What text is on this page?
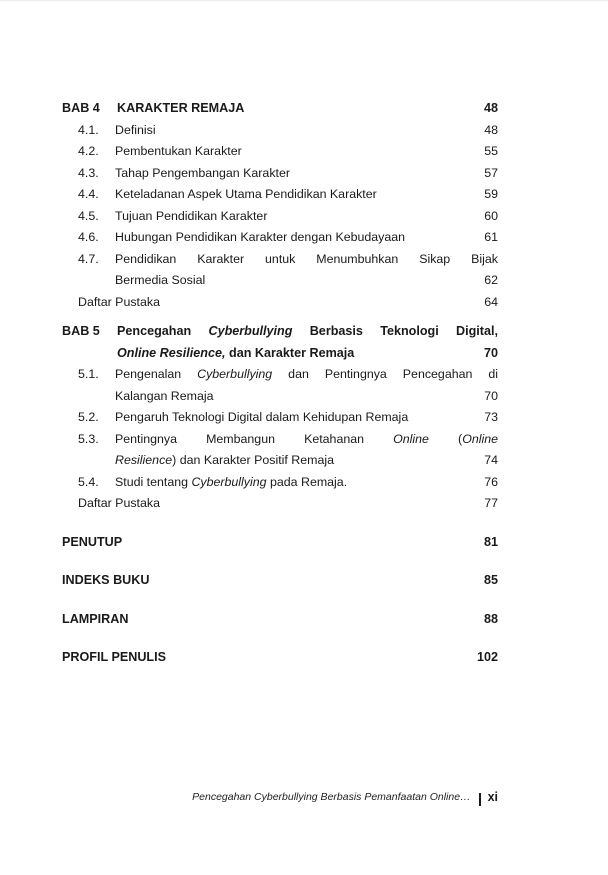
BAB 4	KARAKTER REMAJA	48
4.1.	Definisi	48
4.2.	Pembentukan Karakter	55
4.3.	Tahap Pengembangan Karakter	57
4.4.	Keteladanan Aspek Utama Pendidikan Karakter	59
4.5.	Tujuan Pendidikan Karakter	60
4.6.	Hubungan Pendidikan Karakter dengan Kebudayaan	61
4.7.	Pendidikan Karakter untuk Menumbuhkan Sikap Bijak
Bermedia Sosial	62
Daftar Pustaka	64
BAB 5	Pencegahan Cyberbullying Berbasis Teknologi Digital,
Online Resilience, dan Karakter Remaja	70
5.1.	Pengenalan Cyberbullying dan Pentingnya Pencegahan di
Kalangan Remaja	70
5.2.	Pengaruh Teknologi Digital dalam Kehidupan Remaja	73
5.3.	Pentingnya Membangun Ketahanan Online (Online
Resilience) dan Karakter Positif Remaja	74
5.4.	Studi tentang Cyberbullying pada Remaja.	76
Daftar Pustaka	77
PENUTUP	81
INDEKS BUKU	85
LAMPIRAN	88
PROFIL PENULIS	102
Pencegahan Cyberbullying Berbasis Pemanfaatan Online… xi
